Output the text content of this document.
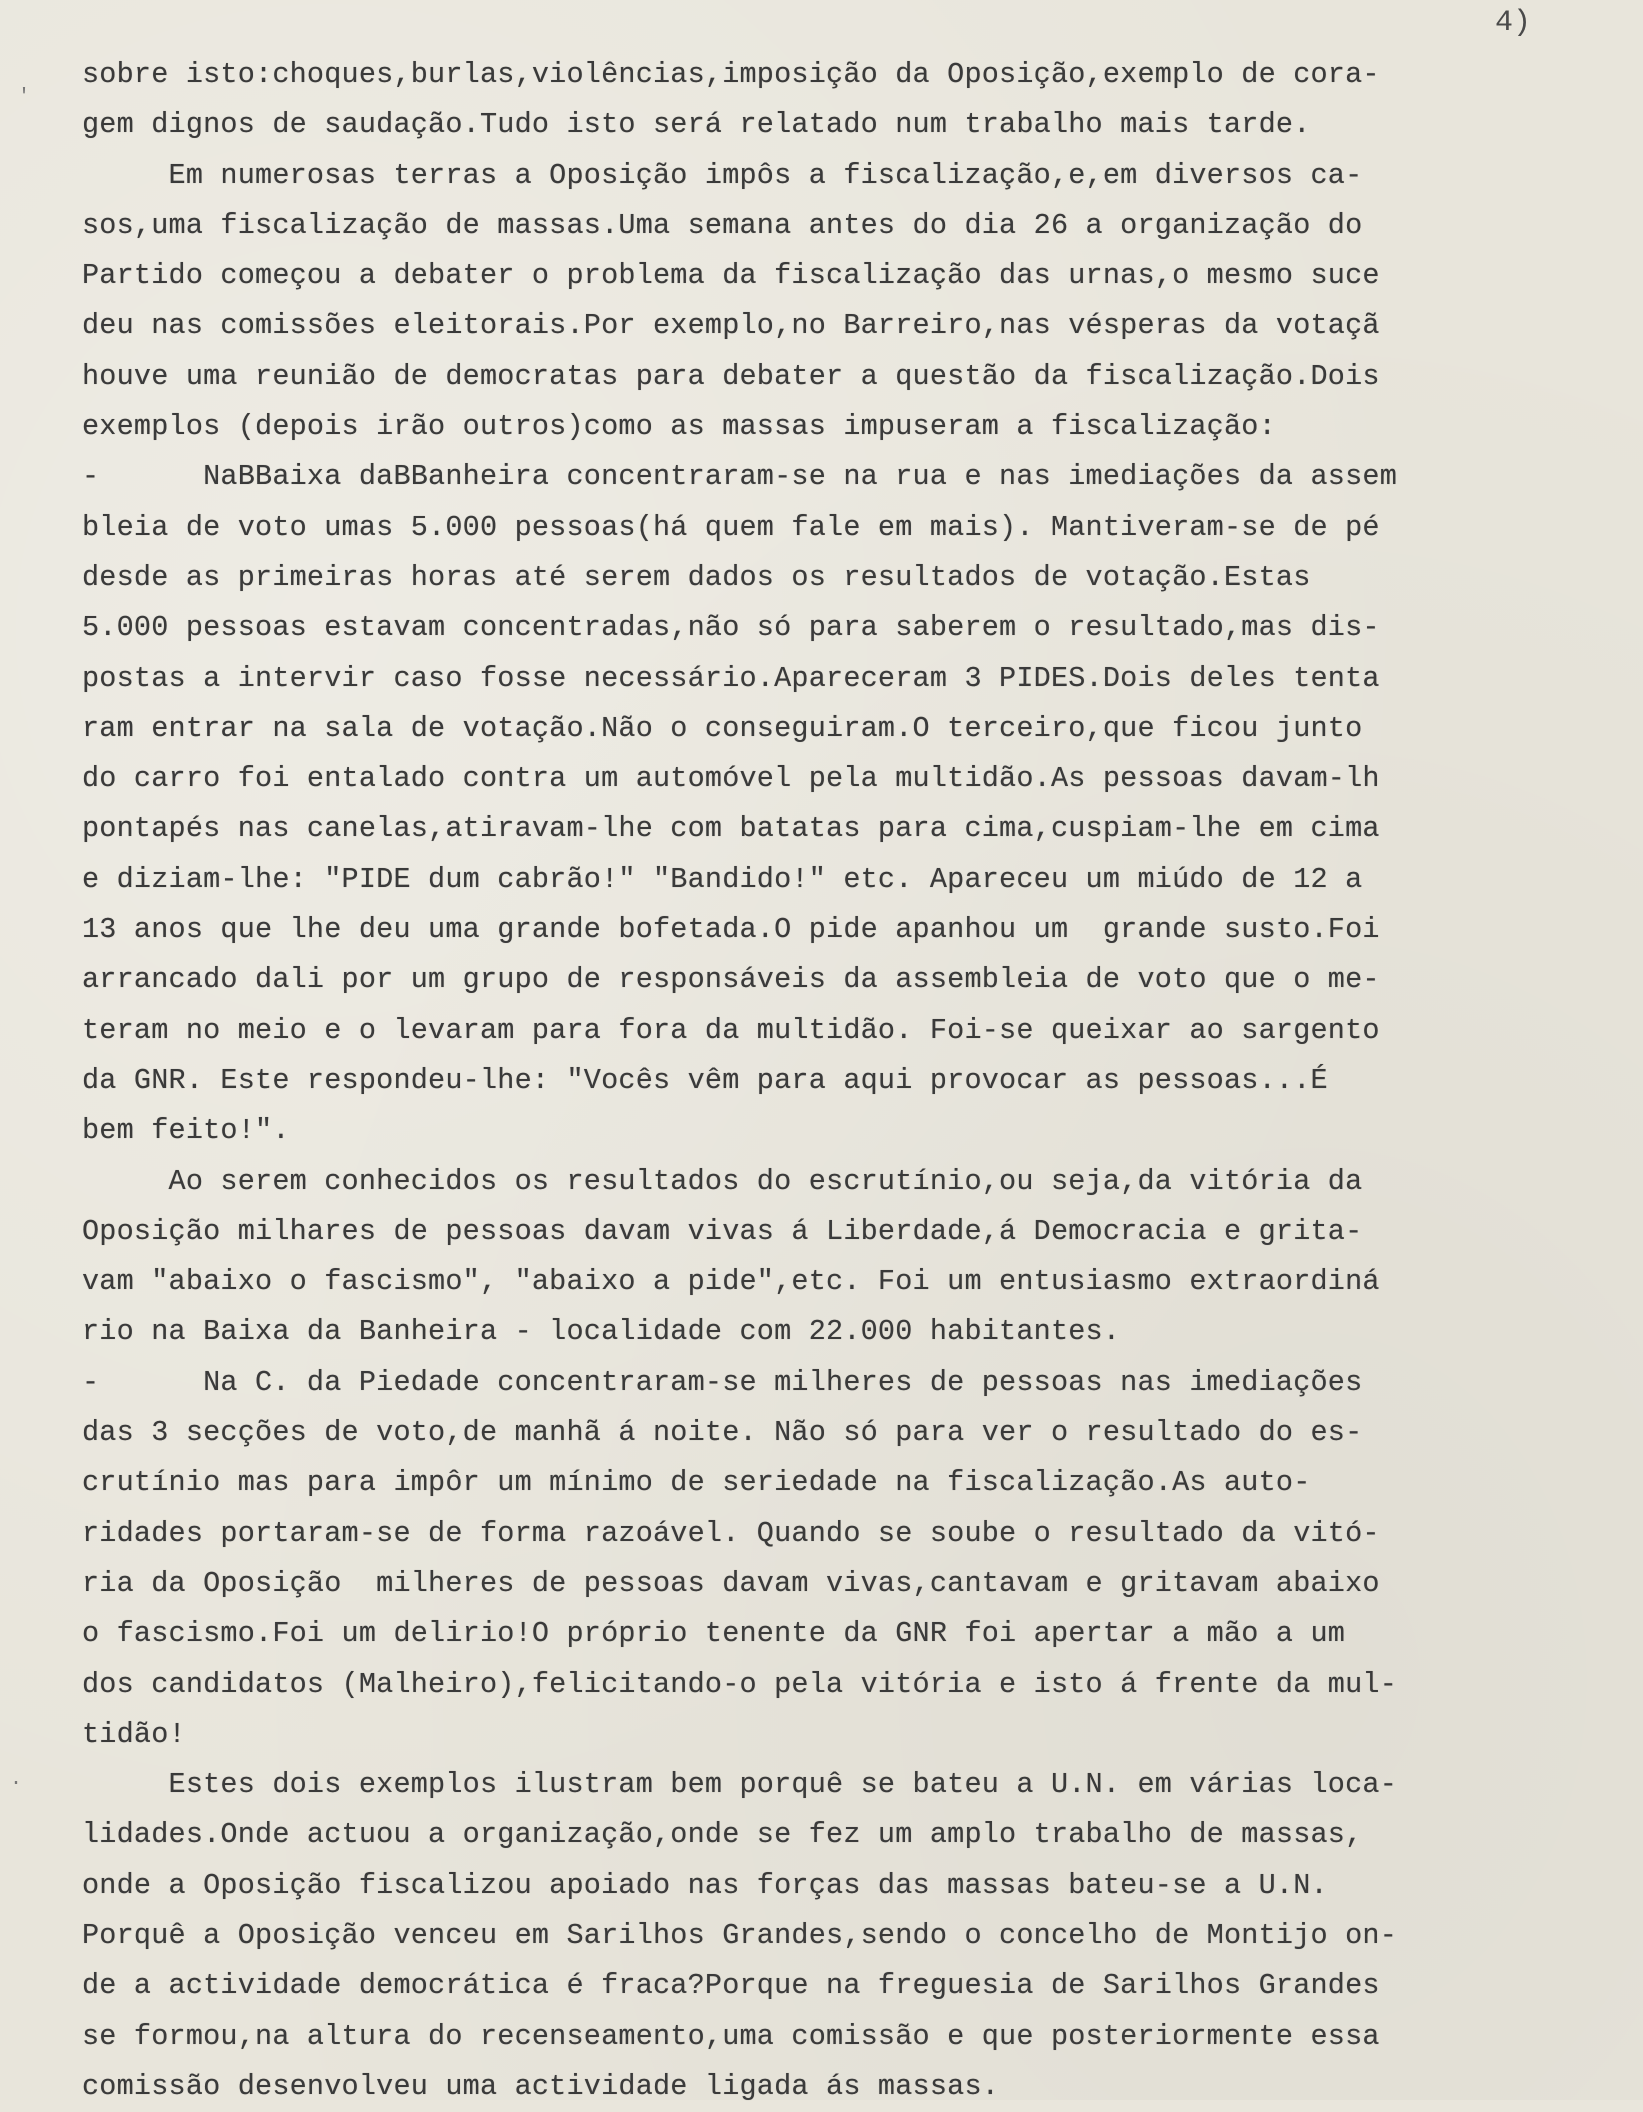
4)
'
·
sobre isto:choques,burlas,violências,imposição da Oposição,exemplo de cora-
gem dignos de saudação.Tudo isto será relatado num trabalho mais tarde.
Em numerosas terras a Oposição impôs a fiscalização,e,em diversos ca-
sos,uma fiscalização de massas.Uma semana antes do dia 26 a organização do
Partido começou a debater o problema da fiscalização das urnas,o mesmo suce
deu nas comissões eleitorais.Por exemplo,no Barreiro,nas vésperas da votaçã
houve uma reunião de democratas para debater a questão da fiscalização.Dois
exemplos (depois irão outros)como as massas impuseram a fiscalização:
-      NaBBaixa daBBanheira concentraram-se na rua e nas imediações da assem
bleia de voto umas 5.000 pessoas(há quem fale em mais). Mantiveram-se de pé
desde as primeiras horas até serem dados os resultados de votação.Estas
5.000 pessoas estavam concentradas,não só para saberem o resultado,mas dis-
postas a intervir caso fosse necessário.Apareceram 3 PIDES.Dois deles tenta
ram entrar na sala de votação.Não o conseguiram.O terceiro,que ficou junto
do carro foi entalado contra um automóvel pela multidão.As pessoas davam-lh
pontapés nas canelas,atiravam-lhe com batatas para cima,cuspiam-lhe em cima
e diziam-lhe: "PIDE dum cabrão!" "Bandido!" etc. Apareceu um miúdo de 12 a
13 anos que lhe deu uma grande bofetada.O pide apanhou um  grande susto.Foi
arrancado dali por um grupo de responsáveis da assembleia de voto que o me-
teram no meio e o levaram para fora da multidão. Foi-se queixar ao sargento
da GNR. Este respondeu-lhe: "Vocês vêm para aqui provocar as pessoas...É
bem feito!".
Ao serem conhecidos os resultados do escrutínio,ou seja,da vitória da
Oposição milhares de pessoas davam vivas á Liberdade,á Democracia e grita-
vam "abaixo o fascismo", "abaixo a pide",etc. Foi um entusiasmo extraordiná
rio na Baixa da Banheira - localidade com 22.000 habitantes.
-      Na C. da Piedade concentraram-se milheres de pessoas nas imediações
das 3 secções de voto,de manhã á noite. Não só para ver o resultado do es-
crutínio mas para impôr um mínimo de seriedade na fiscalização.As auto-
ridades portaram-se de forma razoável. Quando se soube o resultado da vitó-
ria da Oposição  milheres de pessoas davam vivas,cantavam e gritavam abaixo
o fascismo.Foi um delirio!O próprio tenente da GNR foi apertar a mão a um
dos candidatos (Malheiro),felicitando-o pela vitória e isto á frente da mul-
tidão!
Estes dois exemplos ilustram bem porquê se bateu a U.N. em várias loca-
lidades.Onde actuou a organização,onde se fez um amplo trabalho de massas,
onde a Oposição fiscalizou apoiado nas forças das massas bateu-se a U.N.
Porquê a Oposição venceu em Sarilhos Grandes,sendo o concelho de Montijo on-
de a actividade democrática é fraca?Porque na freguesia de Sarilhos Grandes
se formou,na altura do recenseamento,uma comissão e que posteriormente essa
comissão desenvolveu uma actividade ligada ás massas.
